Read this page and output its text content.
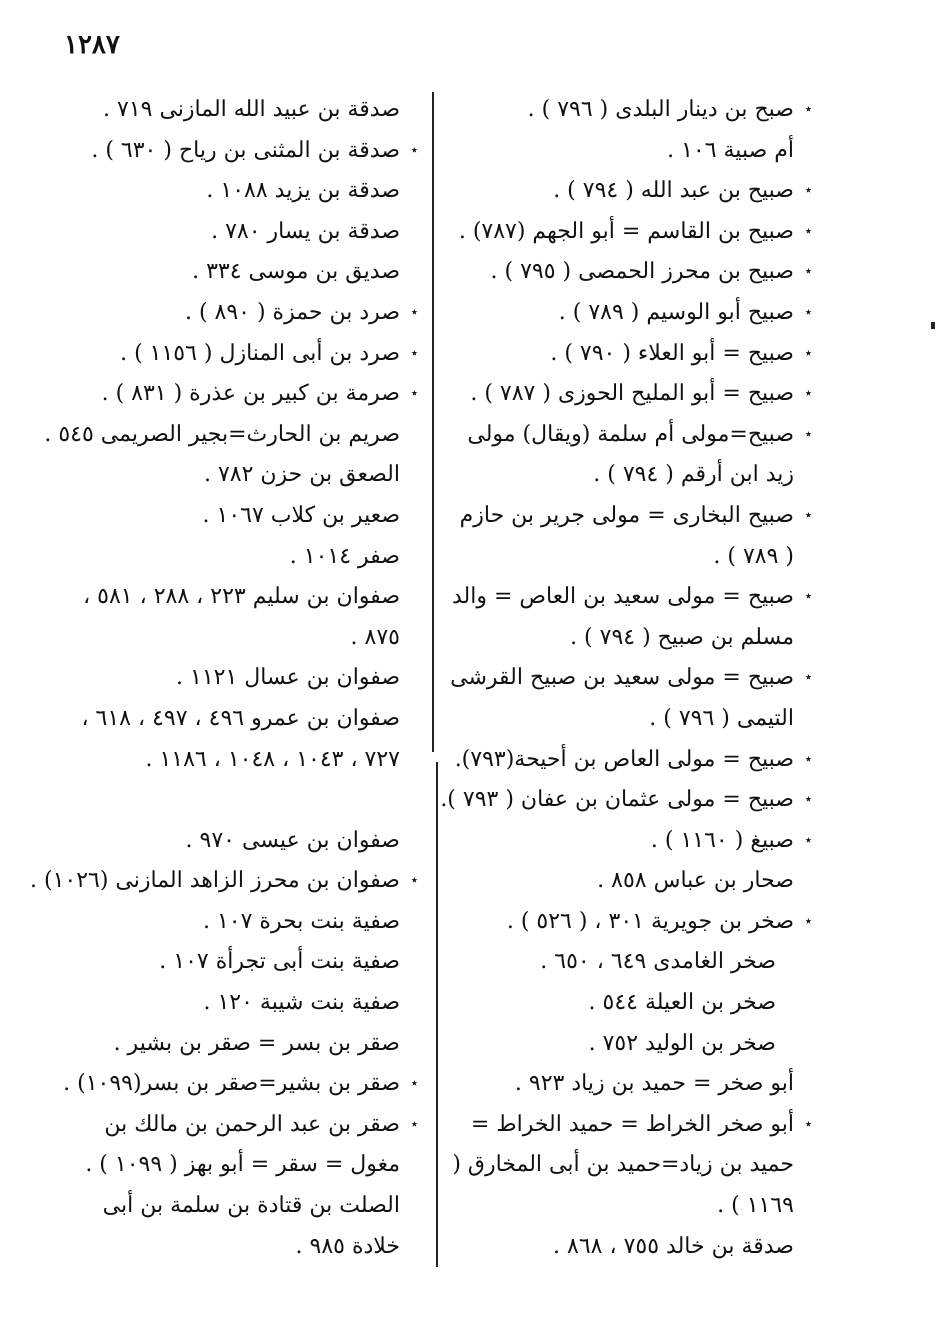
١٢٨٧
٭
صبح بن دينار البلدى ( ٧٩٦ ) .
أم صبية ١٠٦ .
٭
صبيح بن عبد الله ( ٧٩٤ ) .
٭
صبيح بن القاسم = أبو الجهم (٧٨٧) .
٭
صبيح بن محرز الحمصى ( ٧٩٥ ) .
٭
صبيح أبو الوسيم ( ٧٨٩ ) .
٭
صبيح = أبو العلاء ( ٧٩٠ ) .
٭
صبيح = أبو المليح الحوزى ( ٧٨٧ ) .
٭
صبيح=مولى أم سلمة (ويقال) مولى زيد ابن أرقم ( ٧٩٤ ) .
٭
صبيح البخارى = مولى جرير بن حازم ( ٧٨٩ ) .
٭
صبيح = مولى سعيد بن العاص = والد مسلم بن صبيح ( ٧٩٤ ) .
٭
صبيح = مولى سعيد بن صبيح القرشى التيمى ( ٧٩٦ ) .
٭
صبيح = مولى العاص بن أحيحة(٧٩٣).
٭
صبيح = مولى عثمان بن عفان ( ٧٩٣ ).
٭
صبيغ ( ١١٦٠ ) .
صحار بن عباس ٨٥٨ .
٭
صخر بن جويرية ٣٠١ ، ( ٥٢٦ ) .
صخر الغامدى ٦٤٩ ، ٦٥٠ .
صخر بن العيلة ٥٤٤ .
صخر بن الوليد ٧٥٢ .
أبو صخر = حميد بن زياد ٩٢٣ .
٭
أبو صخر الخراط = حميد الخراط = حميد بن زياد=حميد بن أبى المخارق ( ١١٦٩ ) .
صدقة بن خالد ٧٥٥ ، ٨٦٨ .
صدقة بن عبيد الله المازنى ٧١٩ .
٭
صدقة بن المثنى بن رياح ( ٦٣٠ ) .
صدقة بن يزيد ١٠٨٨ .
صدقة بن يسار ٧٨٠ .
صديق بن موسى ٣٣٤ .
٭
صرد بن حمزة ( ٨٩٠ ) .
٭
صرد بن أبى المنازل ( ١١٥٦ ) .
٭
صرمة بن كبير بن عذرة ( ٨٣١ ) .
صريم بن الحارث=بجير الصريمى ٥٤٥ .
الصعق بن حزن ٧٨٢ .
صعير بن كلاب ١٠٦٧ .
صفر ١٠١٤ .
صفوان بن سليم ٢٢٣ ، ٢٨٨ ، ٥٨١ ، ٨٧٥ .
صفوان بن عسال ١١٢١ .
صفوان بن عمرو ٤٩٦ ، ٤٩٧ ، ٦١٨ ، ٧٢٧ ، ١٠٤٣ ، ١٠٤٨ ، ١١٨٦ .
صفوان بن عيسى ٩٧٠ .
٭
صفوان بن محرز الزاهد المازنى (١٠٢٦) .
صفية بنت بحرة ١٠٧ .
صفية بنت أبى تجرأة ١٠٧ .
صفية بنت شيبة ١٢٠ .
صقر بن بسر = صقر بن بشير .
٭
صقر بن بشير=صقر بن بسر(١٠٩٩) .
٭
صقر بن عبد الرحمن بن مالك بن مغول = سقر = أبو بهز ( ١٠٩٩ ) .
الصلت بن قتادة بن سلمة بن أبى خلادة ٩٨٥ .
